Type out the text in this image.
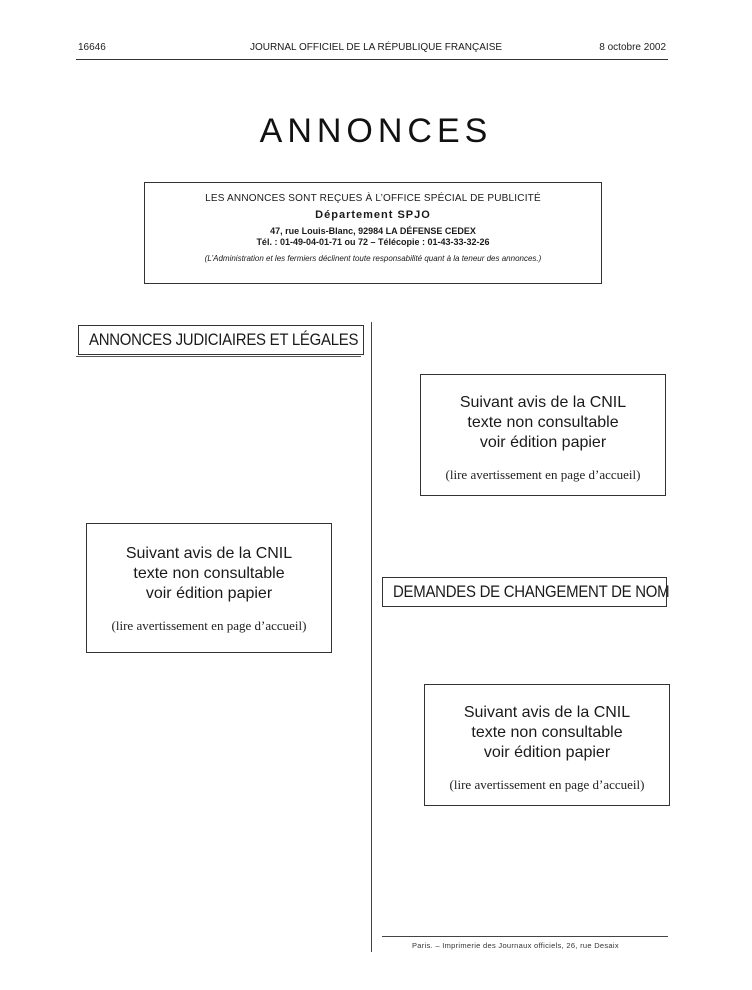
16646	JOURNAL OFFICIEL DE LA RÉPUBLIQUE FRANÇAISE	8 octobre 2002
ANNONCES
LES ANNONCES SONT REÇUES À L’OFFICE SPÉCIAL DE PUBLICITÉ
Département SPJO
47, rue Louis-Blanc, 92984 LA DÉFENSE CEDEX
Tél. : 01-49-04-01-71 ou 72 – Télécopie : 01-43-33-32-26
(L’Administration et les fermiers déclinent toute responsabilité quant à la teneur des annonces.)
ANNONCES JUDICIAIRES ET LÉGALES
Suivant avis de la CNIL
texte non consultable
voir édition papier
(lire avertissement en page d’accueil)
Suivant avis de la CNIL
texte non consultable
voir édition papier
(lire avertissement en page d’accueil)
DEMANDES DE CHANGEMENT DE NOM
Suivant avis de la CNIL
texte non consultable
voir édition papier
(lire avertissement en page d’accueil)
Paris. – Imprimerie des Journaux officiels, 26, rue Desaix
